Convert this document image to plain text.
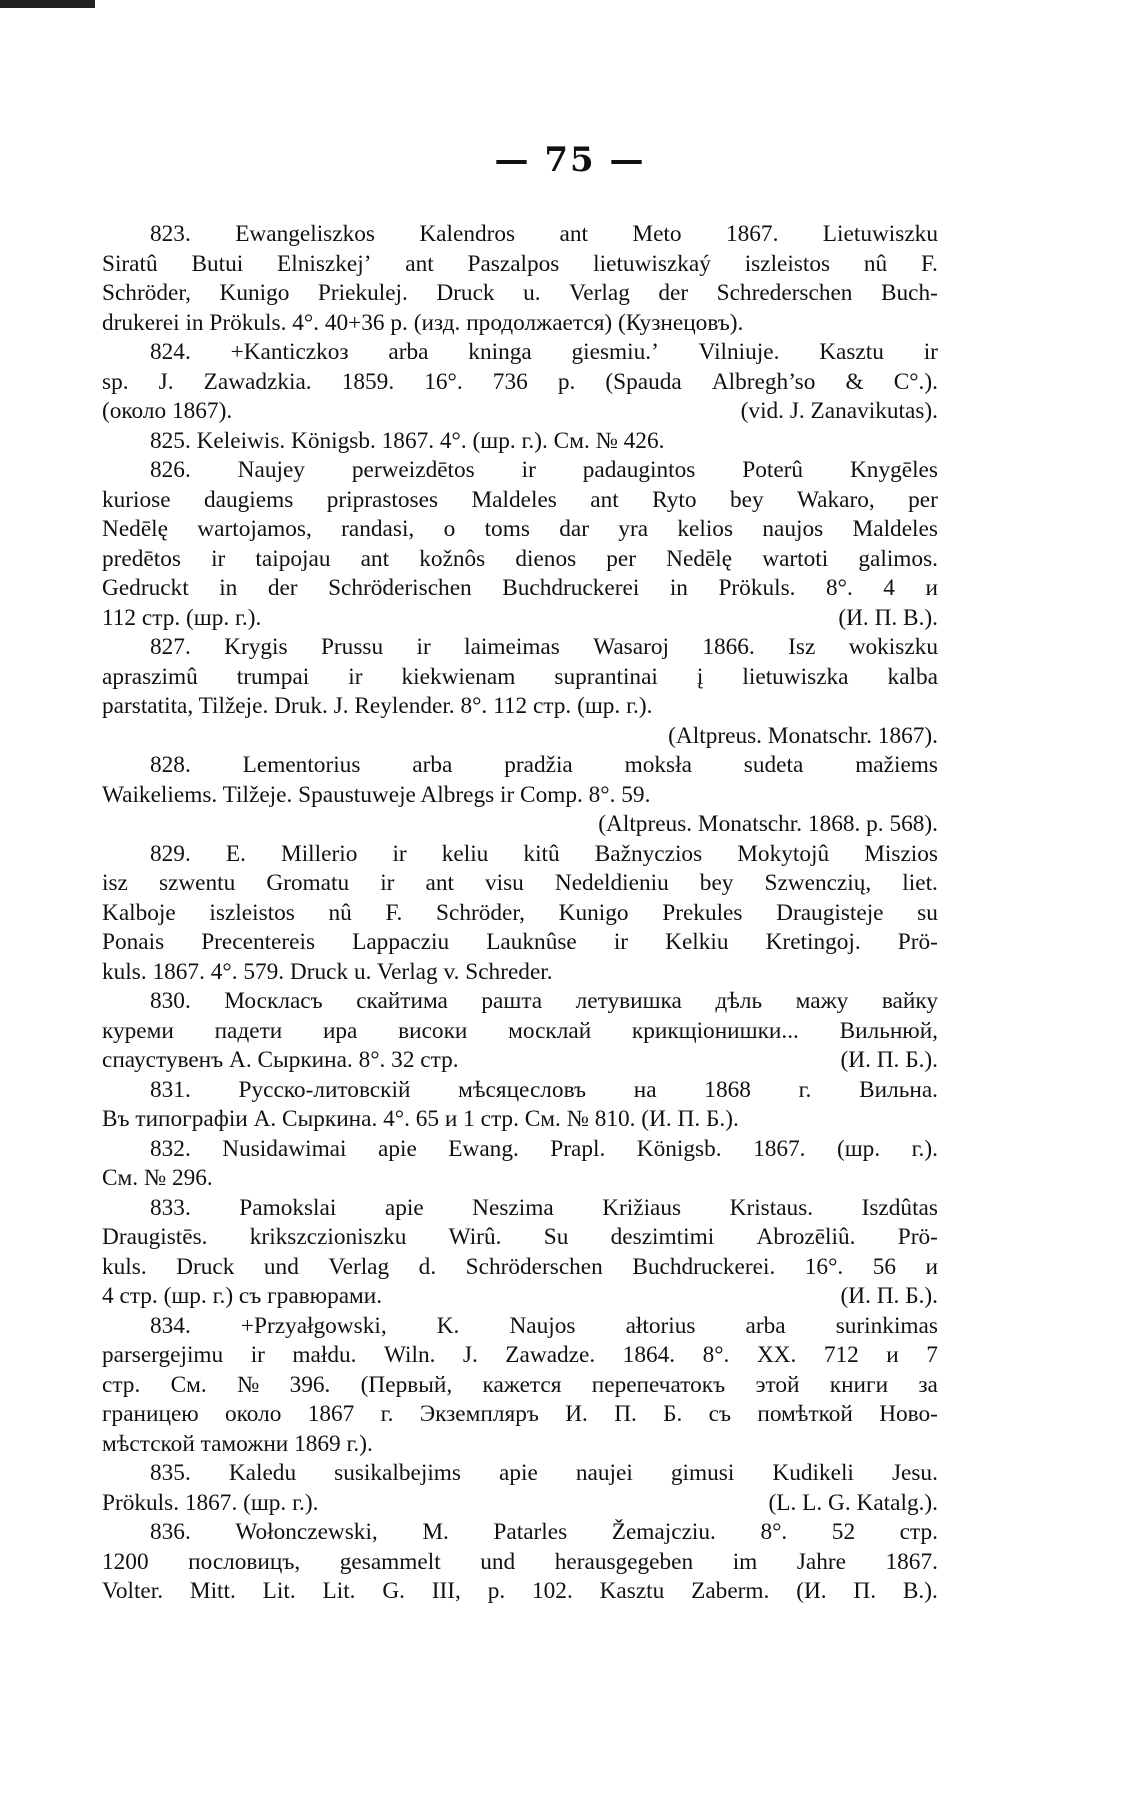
— 75 —
823. Ewangeliszkos Kalendros ant Meto 1867. Lietuwiszku
Siratû Butui Elniszkej’ ant Paszalpos lietuwiszkaý iszleistos nû F.
Schröder, Kunigo Priekulej. Druck u. Verlag der Schrederschen Buch-
drukerei in Prökuls. 4°. 40+36 p. (изд. продолжается) (Кузнецовъ).
824. +Kanticzkoз arba kninga giesmiu.’ Vilniuje. Kasztu ir
sp. J. Zawadzkia. 1859. 16°. 736 p. (Spauda Albregh’so & C°.).
(около 1867).	(vid. J. Zanavikutas).
825. Keleiwis. Königsb. 1867. 4°. (шр. г.). См. № 426.
826. Naujey perweizdētos ir padaugintos Poterû Knygēles
kuriose daugiems priprastoses Maldeles ant Ryto bey Wakaro, per
Nedēlę wartojamos, randasi, o toms dar yra kelios naujos Maldeles
predētos ir taipojau ant kožnôs dienos per Nedēlę wartoti galimos.
Gedruckt in der Schröderischen Buchdruckerei in Prökuls. 8°. 4 и
112 стр. (шр. г.).	(И. П. В.).
827. Krygis Prussu ir laimeimas Wasaroj 1866. Isz wokiszku
apraszimû trumpai ir kiekwienam suprantinai į lietuwiszka kalba
parstatita, Tilžeje. Druk. J. Reylender. 8°. 112 стр. (шр. г.).
(Altpreus. Monatschr. 1867).
828. Lementorius arba pradžia moksła sudeta mažiems
Waikeliems. Tilžeje. Spaustuweje Albregs ir Comp. 8°. 59.
(Altpreus. Monatschr. 1868. p. 568).
829. E. Millerio ir keliu kitû Bažnyczios Mokytojû Miszios
isz szwentu Gromatu ir ant visu Nedeldieniu bey Szwenczių, liet.
Kalboje iszleistos nû F. Schröder, Kunigo Prekules Draugisteje su
Ponais Precentereis Lappacziu Lauknûse ir Kelkiu Kretingoj. Prö-
kuls. 1867. 4°. 579. Druck u. Verlag v. Schreder.
830. Москласъ скайтима рашта летувишка дѣль мажу вайку
куреми падети ира високи москлай крикщiонишки... Вильнюй,
спаустувенъ А. Сыркина. 8°. 32 стр.	(И. П. Б.).
831. Русско-литовскій мѣсяцесловъ на 1868 г. Вильна.
Въ типографіи А. Сыркина. 4°. 65 и 1 стр. См. № 810. (И. П. Б.).
832. Nusidawimai apie Ewang. Prapl. Königsb. 1867. (шр. г.).
См. № 296.
833. Pamokslai apie Neszima Križiaus Kristaus. Iszdûtas
Draugistēs. krikszczioniszku Wirû. Su deszimtimi Abrozēliû. Prö-
kuls. Druck und Verlag d. Schröderschen Buchdruckerei. 16°. 56 и
4 стр. (шр. г.) съ гравюрами.	(И. П. Б.).
834. +Przyałgowski, K. Naujos ałtorius arba surinkimas
parsergejimu ir małdu. Wiln. J. Zawadze. 1864. 8°. XX. 712 и 7
стр. См. № 396. (Первый, кажется перепечатокъ этой книги за
границею около 1867 г. Экземпляръ И. П. Б. съ помѣткой Ново-
мѣстской таможни 1869 г.).
835. Kaledu susikalbejims apie naujei gimusi Kudikeli Jesu.
Prökuls. 1867. (шр. г.).	(L. L. G. Katalg.).
836. Wołonczewski, M. Patarles Žemajcziu. 8°. 52 стр.
1200 пословицъ, gesammelt und herausgegeben im Jahre 1867.
Volter. Mitt. Lit. Lit. G. III, p. 102. Kasztu Zaberm. (И. П. В.).
